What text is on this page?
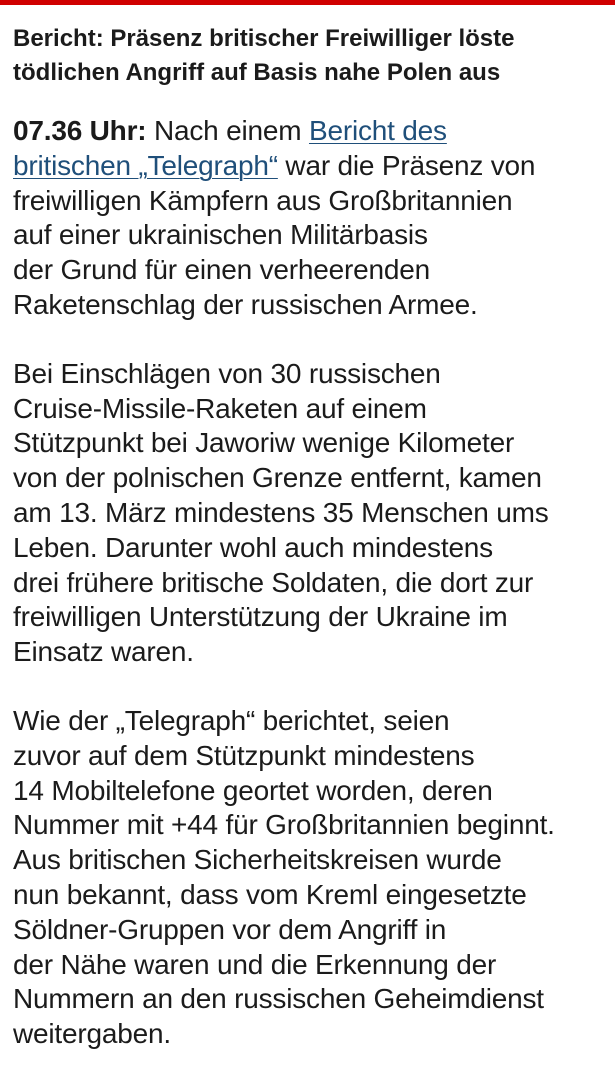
Bericht: Präsenz britischer Freiwilliger löste
tödlichen Angriff auf Basis nahe Polen aus

07.36 Uhr: Nach einem Bericht des
britischen „Telegraph“ war die Präsenz von
freiwilligen Kämpfern aus Großbritannien
auf einer ukrainischen Militärbasis
der Grund für einen verheerenden
Raketenschlag der russischen Armee.

Bei Einschlägen von 30 russischen
Cruise-Missile-Raketen auf einem
Stützpunkt bei Jaworiw wenige Kilometer
von der polnischen Grenze entfernt, kamen
am 13. März mindestens 35 Menschen ums
Leben. Darunter wohl auch mindestens
drei frühere britische Soldaten, die dort zur
freiwilligen Unterstützung der Ukraine im
Einsatz waren.

Wie der „Telegraph“ berichtet, seien
zuvor auf dem Stützpunkt mindestens
14 Mobiltelefone geortet worden, deren
Nummer mit +44 für Großbritannien beginnt.
Aus britischen Sicherheitskreisen wurde
nun bekannt, dass vom Kreml eingesetzte
Söldner-Gruppen vor dem Angriff in
der Nähe waren und die Erkennung der
Nummern an den russischen Geheimdienst
weitergaben.
